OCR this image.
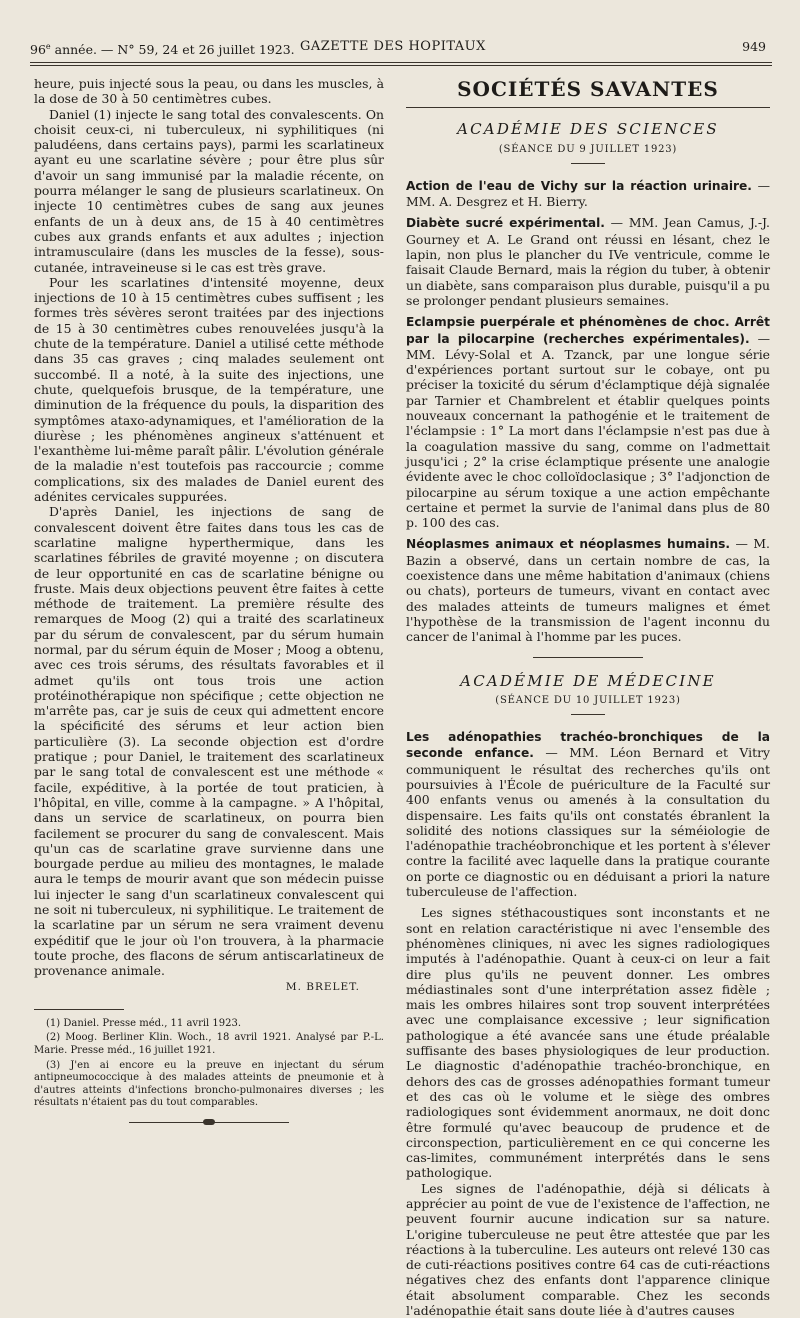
96e année. — N° 59, 24 et 26 juillet 1923. GAZETTE DES HOPITAUX	949

heure, puis injecté sous la peau, ou dans les muscles, à la dose de 30 à 50 centimètres cubes.

Daniel (1) injecte le sang total des convalescents. On choisit ceux-ci, ni tuberculeux, ni syphilitiques (ni paludéens, dans certains pays), parmi les scarlatineux ayant eu une scarlatine sévère ; pour être plus sûr d'avoir un sang immunisé par la maladie récente, on pourra mélanger le sang de plusieurs scarlatineux. On injecte 10 centimètres cubes de sang aux jeunes enfants de un à deux ans, de 15 à 40 centimètres cubes aux grands enfants et aux adultes ; injection intramusculaire (dans les muscles de la fesse), sous-cutanée, intraveineuse si le cas est très grave.

Pour les scarlatines d'intensité moyenne, deux injections de 10 à 15 centimètres cubes suffisent ; les formes très sévères seront traitées par des injections de 15 à 30 centimètres cubes renouvelées jusqu'à la chute de la température. Daniel a utilisé cette méthode dans 35 cas graves ; cinq malades seulement ont succombé. Il a noté, à la suite des injections, une chute, quelquefois brusque, de la température, une diminution de la fréquence du pouls, la disparition des symptômes ataxo-adynamiques, et l'amélioration de la diurèse ; les phénomènes angineux s'atténuent et l'exanthème lui-même paraît pâlir. L'évolution générale de la maladie n'est toutefois pas raccourcie ; comme complications, six des malades de Daniel eurent des adénites cervicales suppurées.

D'après Daniel, les injections de sang de convalescent doivent être faites dans tous les cas de scarlatine maligne hyperthermique, dans les scarlatines fébriles de gravité moyenne ; on discutera de leur opportunité en cas de scarlatine bénigne ou fruste. Mais deux objections peuvent être faites à cette méthode de traitement. La première résulte des remarques de Moog (2) qui a traité des scarlatineux par du sérum de convalescent, par du sérum humain normal, par du sérum équin de Moser ; Moog a obtenu, avec ces trois sérums, des résultats favorables et il admet qu'ils ont tous trois une action protéinothérapique non spécifique ; cette objection ne m'arrête pas, car je suis de ceux qui admettent encore la spécificité des sérums et leur action bien particulière (3). La seconde objection est d'ordre pratique ; pour Daniel, le traitement des scarlatineux par le sang total de convalescent est une méthode « facile, expéditive, à la portée de tout praticien, à l'hôpital, en ville, comme à la campagne. » A l'hôpital, dans un service de scarlatineux, on pourra bien facilement se procurer du sang de convalescent. Mais qu'un cas de scarlatine grave survienne dans une bourgade perdue au milieu des montagnes, le malade aura le temps de mourir avant que son médecin puisse lui injecter le sang d'un scarlatineux convalescent qui ne soit ni tuberculeux, ni syphilitique. Le traitement de la scarlatine par un sérum ne sera vraiment devenu expéditif que le jour où l'on trouvera, à la pharmacie toute proche, des flacons de sérum antiscarlatineux de provenance animale.

M. BRELET.

(1) Daniel. Presse méd., 11 avril 1923.

(2) Moog. Berliner Klin. Woch., 18 avril 1921. Analysé par P.-L. Marie. Presse méd., 16 juillet 1921.

(3) J'en ai encore eu la preuve en injectant du sérum antipneumococcique à des malades atteints de pneumonie et à d'autres atteints d'infections broncho-pulmonaires diverses ; les résultats n'étaient pas du tout comparables.

SOCIÉTÉS SAVANTES
ACADÉMIE DES SCIENCES
(SÉANCE DU 9 JUILLET 1923)

Action de l'eau de Vichy sur la réaction urinaire. — MM. A. Desgrez et H. Bierry.

Diabète sucré expérimental. — MM. Jean Camus, J.-J. Gourney et A. Le Grand ont réussi en lésant, chez le lapin, non plus le plancher du IVe ventricule, comme le faisait Claude Bernard, mais la région du tuber, à obtenir un diabète, sans comparaison plus durable, puisqu'il a pu se prolonger pendant plusieurs semaines.

Eclampsie puerpérale et phénomènes de choc. Arrêt par la pilocarpine (recherches expérimentales). — MM. Lévy-Solal et A. Tzanck, par une longue série d'expériences portant surtout sur le cobaye, ont pu préciser la toxicité du sérum d'éclamptique déjà signalée par Tarnier et Chambrelent et établir quelques points nouveaux concernant la pathogénie et le traitement de l'éclampsie : 1° La mort dans l'éclampsie n'est pas due à la coagulation massive du sang, comme on l'admettait jusqu'ici ; 2° la crise éclamptique présente une analogie évidente avec le choc colloïdoclasique ; 3° l'adjonction de pilocarpine au sérum toxique a une action empêchante certaine et permet la survie de l'animal dans plus de 80 p. 100 des cas.

Néoplasmes animaux et néoplasmes humains. — M. Bazin a observé, dans un certain nombre de cas, la coexistence dans une même habitation d'animaux (chiens ou chats), porteurs de tumeurs, vivant en contact avec des malades atteints de tumeurs malignes et émet l'hypothèse de la transmission de l'agent inconnu du cancer de l'animal à l'homme par les puces.

ACADÉMIE DE MÉDECINE
(SÉANCE DU 10 JUILLET 1923)

Les adénopathies trachéo-bronchiques de la seconde enfance. — MM. Léon Bernard et Vitry communiquent le résultat des recherches qu'ils ont poursuivies à l'École de puériculture de la Faculté sur 400 enfants venus ou amenés à la consultation du dispensaire. Les faits qu'ils ont constatés ébranlent la solidité des notions classiques sur la séméiologie de l'adénopathie trachéobronchique et les portent à s'élever contre la facilité avec laquelle dans la pratique courante on porte ce diagnostic ou en déduisant a priori la nature tuberculeuse de l'affection.

Les signes stéthacoustiques sont inconstants et ne sont en relation caractéristique ni avec l'ensemble des phénomènes cliniques, ni avec les signes radiologiques imputés à l'adénopathie. Quant à ceux-ci on leur a fait dire plus qu'ils ne peuvent donner. Les ombres médiastinales sont d'une interprétation assez fidèle ; mais les ombres hilaires sont trop souvent interprétées avec une complaisance excessive ; leur signification pathologique a été avancée sans une étude préalable suffisante des bases physiologiques de leur production. Le diagnostic d'adénopathie trachéo-bronchique, en dehors des cas de grosses adénopathies formant tumeur et des cas où le volume et le siège des ombres radiologiques sont évidemment anormaux, ne doit donc être formulé qu'avec beaucoup de prudence et de circonspection, particulièrement en ce qui concerne les cas-limites, communément interprétés dans le sens pathologique.

Les signes de l'adénopathie, déjà si délicats à apprécier au point de vue de l'existence de l'affection, ne peuvent fournir aucune indication sur sa nature. L'origine tuberculeuse ne peut être attestée que par les réactions à la tuberculine. Les auteurs ont relevé 130 cas de cuti-réactions positives contre 64 cas de cuti-réactions négatives chez des enfants dont l'apparence clinique était absolument comparable. Chez les seconds l'adénopathie était sans doute liée à d'autres causes
